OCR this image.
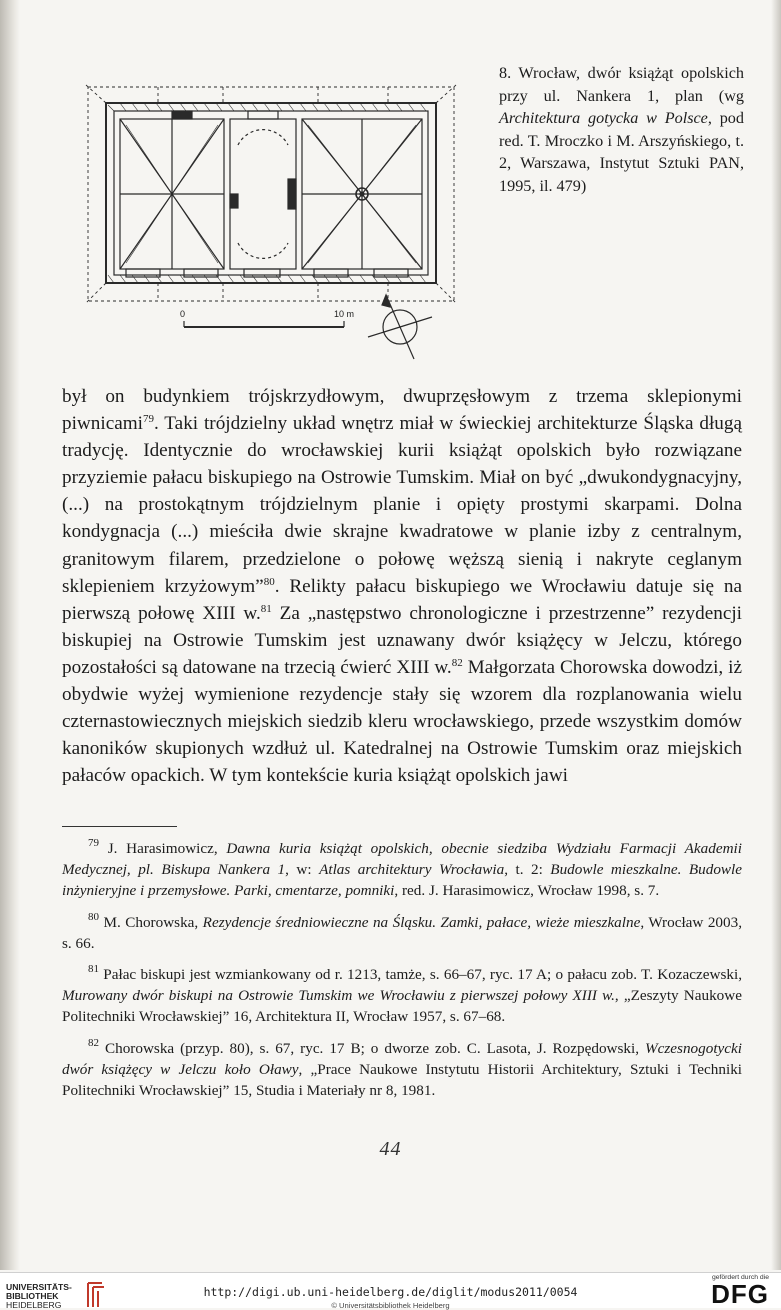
0	10 m
8. Wrocław, dwór książąt opolskich przy ul. Nankera 1, plan (wg Architektura gotycka w Polsce, pod red. T. Mroczko i M. Arszyńskiego, t. 2, Warszawa, Instytut Sztuki PAN, 1995, il. 479)

był on budynkiem trójskrzydłowym, dwuprzęsłowym z trzema sklepionymi piwnicami$^{79}$. Taki trójdzielny układ wnętrz miał w świeckiej architekturze Śląska długą tradycję. Identycznie do wrocławskiej kurii książąt opolskich było rozwiązane przyziemie pałacu biskupiego na Ostrowie Tumskim. Miał on być „dwukondygnacyjny, (...) na prostokątnym trójdzielnym planie i opięty prostymi skarpami. Dolna kondygnacja (...) mieściła dwie skrajne kwadratowe w planie izby z centralnym, granitowym filarem, przedzielone o połowę węższą sienią i nakryte ceglanym sklepieniem krzyżowym”$^{80}$. Relikty pałacu biskupiego we Wrocławiu datuje się na pierwszą połowę XIII w.$^{81}$ Za „następstwo chronologiczne i przestrzenne” rezydencji biskupiej na Ostrowie Tumskim jest uznawany dwór książęcy w Jelczu, którego pozostałości są datowane na trzecią ćwierć XIII w.$^{82}$ Małgorzata Chorowska dowodzi, iż obydwie wyżej wymienione rezydencje stały się wzorem dla rozplanowania wielu czternastowiecznych miejskich siedzib kleru wrocławskiego, przede wszystkim domów kanoników skupionych wzdłuż ul. Katedralnej na Ostrowie Tumskim oraz miejskich pałaców opackich. W tym kontekście kuria książąt opolskich jawi

$^{79}$ J. Harasimowicz, Dawna kuria książąt opolskich, obecnie siedziba Wydziału Farmacji Akademii Medycznej, pl. Biskupa Nankera 1, w: Atlas architektury Wrocławia, t. 2: Budowle mieszkalne. Budowle inżynieryjne i przemysłowe. Parki, cmentarze, pomniki, red. J. Harasimowicz, Wrocław 1998, s. 7.

$^{80}$ M. Chorowska, Rezydencje średniowieczne na Śląsku. Zamki, pałace, wieże mieszkalne, Wrocław 2003, s. 66.

$^{81}$ Pałac biskupi jest wzmiankowany od r. 1213, tamże, s. 66–67, ryc. 17 A; o pałacu zob. T. Kozaczewski, Murowany dwór biskupi na Ostrowie Tumskim we Wrocławiu z pierwszej połowy XIII w., „Zeszyty Naukowe Politechniki Wrocławskiej” 16, Architektura II, Wrocław 1957, s. 67–68.

$^{82}$ Chorowska (przyp. 80), s. 67, ryc. 17 B; o dworze zob. C. Lasota, J. Rozpędowski, Wczesnogotycki dwór książęcy w Jelczu koło Oławy, „Prace Naukowe Instytutu Historii Architektury, Sztuki i Techniki Politechniki Wrocławskiej” 15, Studia i Materiały nr 8, 1981.

44
UNIVERSITÄTS-
BIBLIOTHEK
HEIDELBERG
http://digi.ub.uni-heidelberg.de/diglit/modus2011/0054
© Universitätsbibliothek Heidelberg
gefördert durch die
DFG
